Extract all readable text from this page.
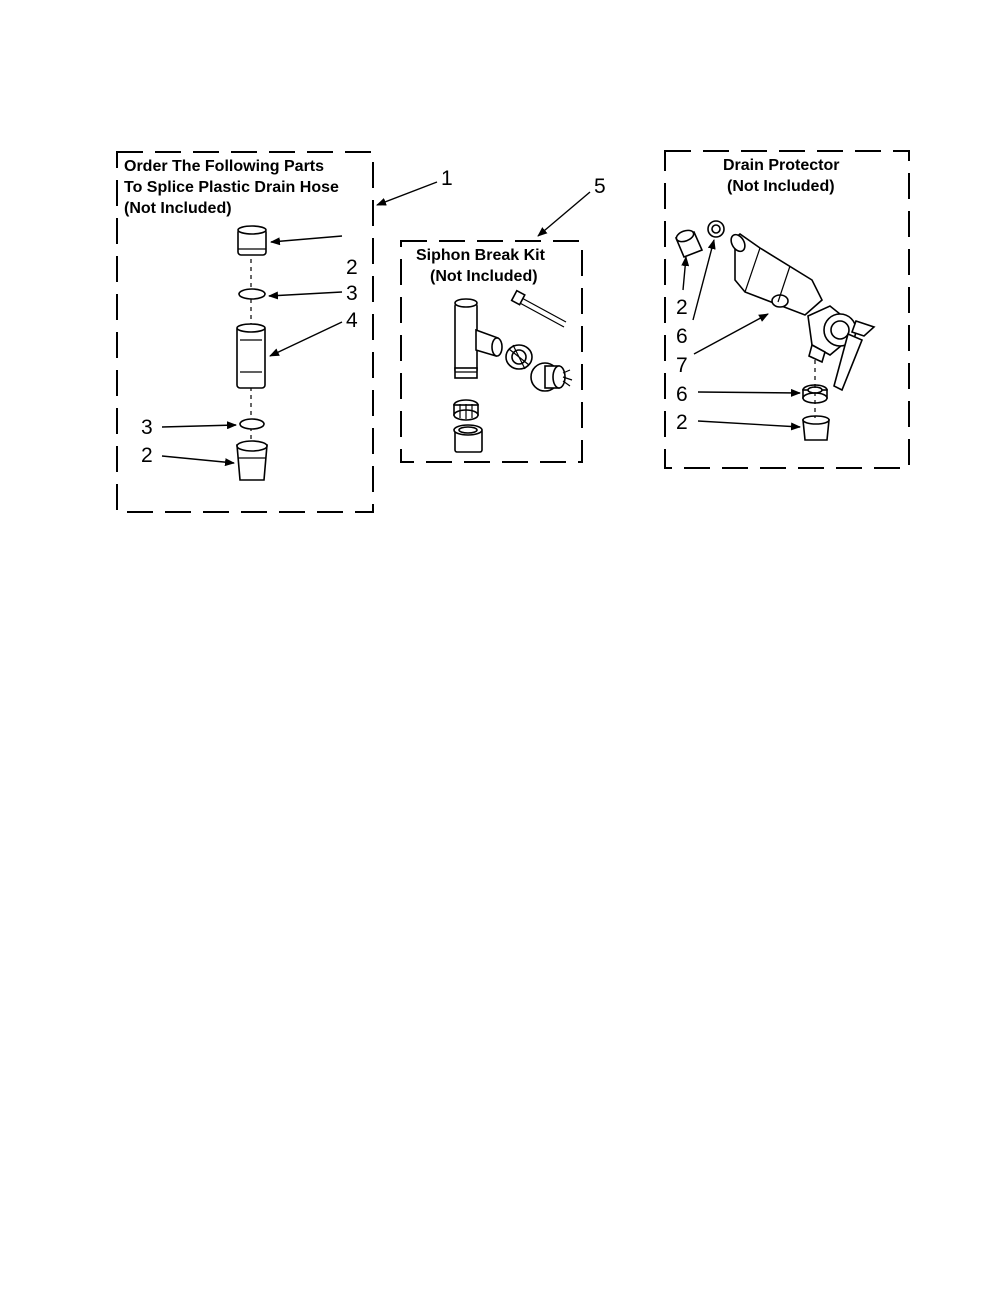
Order The Following Parts
To Splice Plastic Drain Hose
(Not Included)
1
2
3
4
3
2
Siphon Break Kit
(Not Included)
5
Drain Protector
(Not Included)
2
6
7
6
2
